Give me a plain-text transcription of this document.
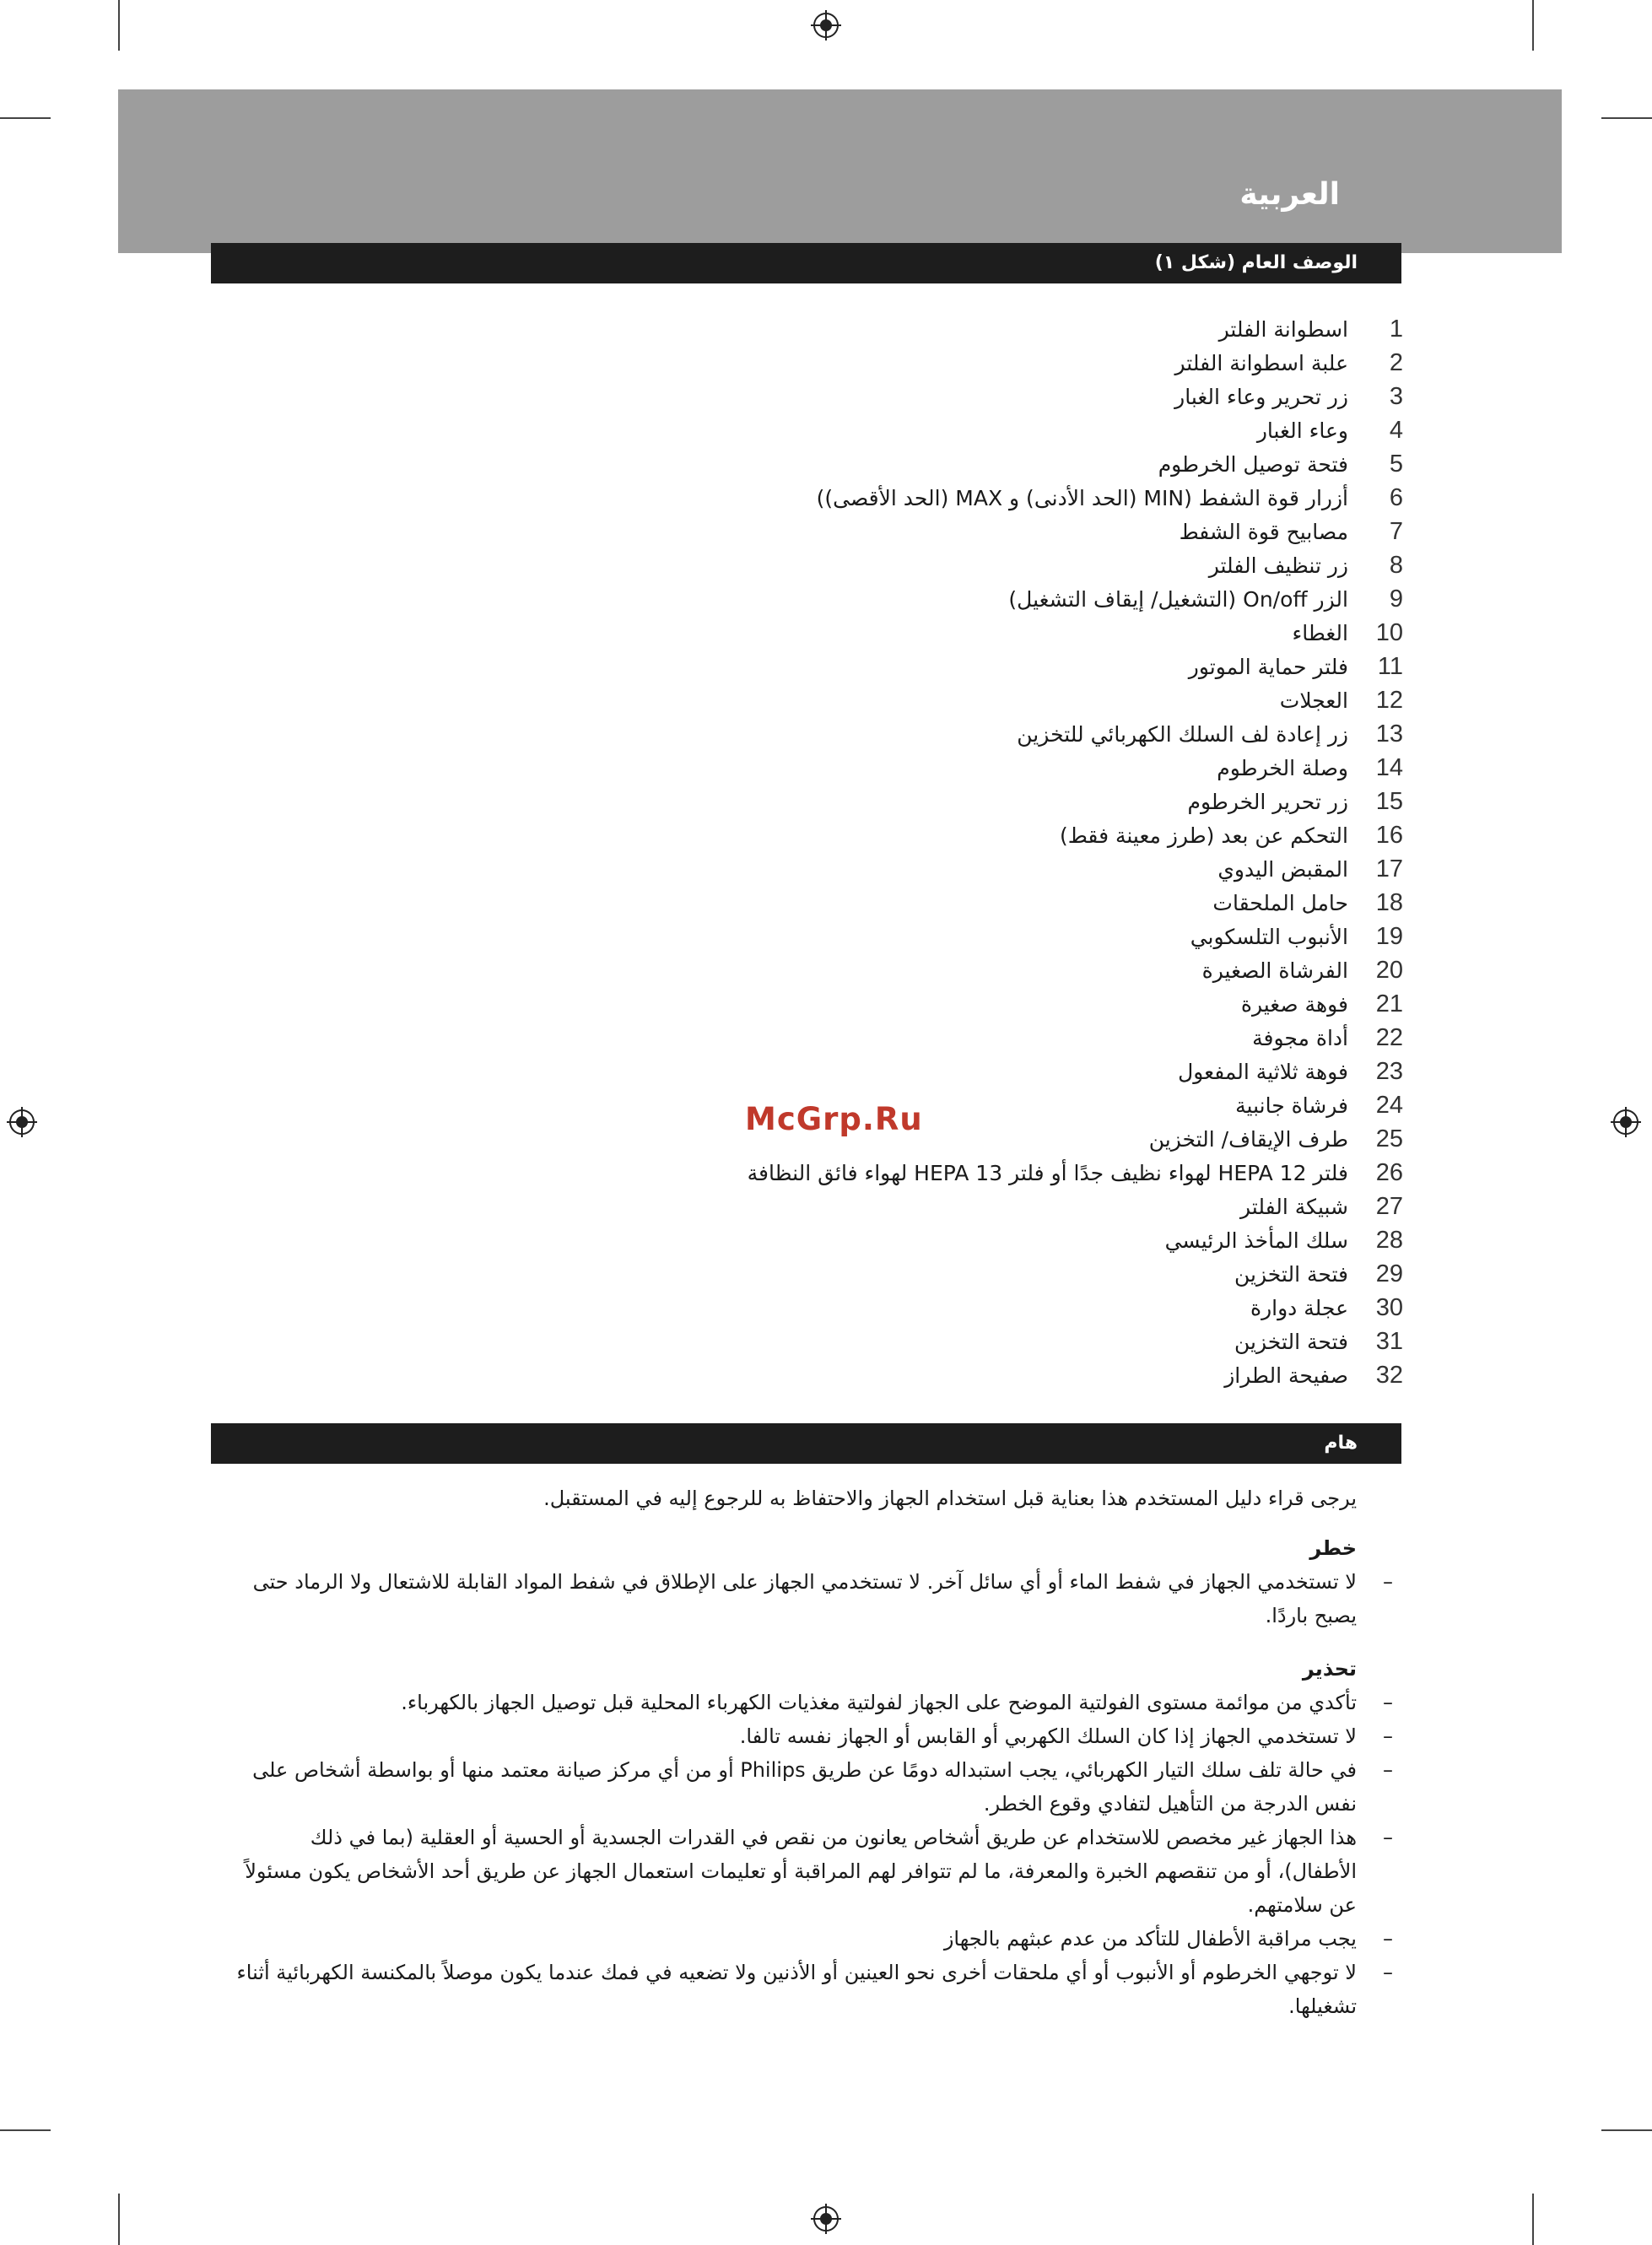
العربية
الوصف العام (شكل ١)
1
اسطوانة الفلتر
2
علبة اسطوانة الفلتر
3
زر تحرير وعاء الغبار
4
وعاء الغبار
5
فتحة توصيل الخرطوم
6
أزرار قوة الشفط (MIN (الحد الأدنى) و MAX (الحد الأقصى))
7
مصابيح قوة الشفط
8
زر تنظيف الفلتر
9
الزر On/off (التشغيل/ إيقاف التشغيل)
10
الغطاء
11
فلتر حماية الموتور
12
العجلات
13
زر إعادة لف السلك الكهربائي للتخزين
14
وصلة الخرطوم
15
زر تحرير الخرطوم
16
التحكم عن بعد (طرز معينة فقط)
17
المقبض اليدوي
18
حامل الملحقات
19
الأنبوب التلسكوبي
20
الفرشاة الصغيرة
21
فوهة صغيرة
22
أداة مجوفة
23
فوهة ثلاثية المفعول
24
فرشاة جانبية
25
طرف الإيقاف/ التخزين
26
فلتر HEPA 12 لهواء نظيف جدًا أو فلتر HEPA 13 لهواء فائق النظافة
27
شبيكة الفلتر
28
سلك المأخذ الرئيسي
29
فتحة التخزين
30
عجلة دوارة
31
فتحة التخزين
32
صفيحة الطراز
McGrp.Ru
هام
يرجى قراء دليل المستخدم هذا بعناية قبل استخدام الجهاز والاحتفاظ به للرجوع إليه في المستقبل.
خطر
–
لا تستخدمي الجهاز في شفط الماء أو أي سائل آخر. لا تستخدمي الجهاز على الإطلاق في شفط المواد القابلة للاشتعال ولا الرماد حتى يصبح باردًا.
تحذير
–
تأكدي من موائمة مستوى الفولتية الموضح على الجهاز لفولتية مغذيات الكهرباء المحلية قبل توصيل الجهاز بالكهرباء.
–
لا تستخدمي الجهاز إذا كان السلك الكهربي أو القابس أو الجهاز نفسه تالفا.
–
في حالة تلف سلك التيار الكهربائي، يجب استبداله دومًا عن طريق Philips أو من أي مركز صيانة معتمد منها أو بواسطة أشخاص على نفس الدرجة من التأهيل لتفادي وقوع الخطر.
–
هذا الجهاز غير مخصص للاستخدام عن طريق أشخاص يعانون من نقص في القدرات الجسدية أو الحسية أو العقلية (بما في ذلك الأطفال)، أو من تنقصهم الخبرة والمعرفة، ما لم تتوافر لهم المراقبة أو تعليمات استعمال الجهاز عن طريق أحد الأشخاص يكون مسئولاً عن سلامتهم.
–
يجب مراقبة الأطفال للتأكد من عدم عبثهم بالجهاز
–
لا توجهي الخرطوم أو الأنبوب أو أي ملحقات أخرى نحو العينين أو الأذنين ولا تضعيه في فمك عندما يكون موصلاً بالمكنسة الكهربائية أثناء تشغيلها.
